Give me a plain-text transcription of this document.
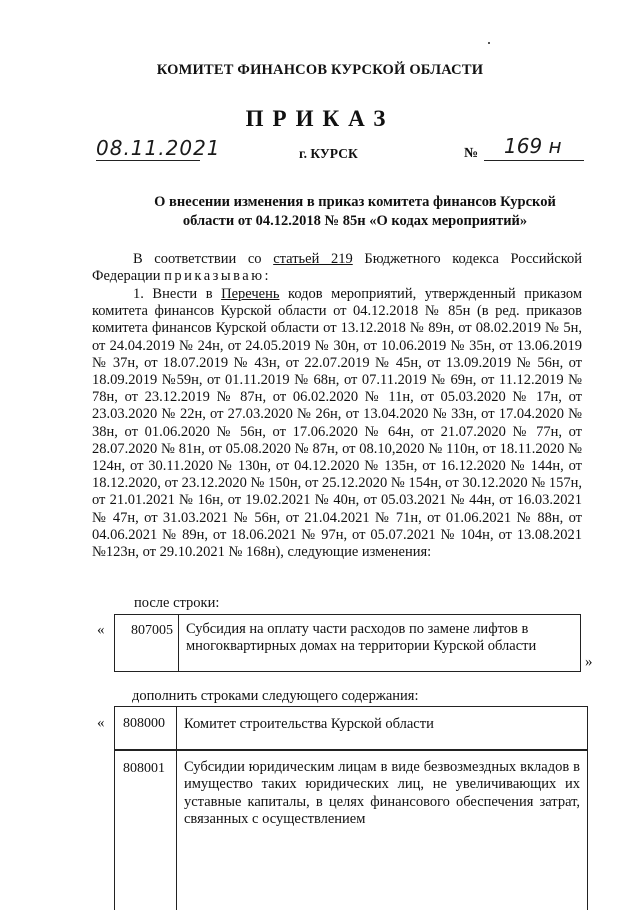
КОМИТЕТ ФИНАНСОВ КУРСКОЙ ОБЛАСТИ
ПРИКАЗ
08.11.2021	г. КУРСК	№ 169 н
О внесении изменения в приказ комитета финансов Курской
области от 04.12.2018 № 85н «О кодах мероприятий»

В соответствии со статьей 219 Бюджетного кодекса Российской Федерации приказываю:

1. Внести в Перечень кодов мероприятий, утвержденный приказом комитета финансов Курской области от 04.12.2018 № 85н (в ред. приказов комитета финансов Курской области от 13.12.2018 № 89н, от 08.02.2019 № 5н, от 24.04.2019 № 24н, от 24.05.2019 № 30н, от 10.06.2019 № 35н, от 13.06.2019 № 37н, от 18.07.2019 № 43н, от 22.07.2019 № 45н, от 13.09.2019 № 56н, от 18.09.2019 №59н, от 01.11.2019 № 68н, от 07.11.2019 № 69н, от 11.12.2019 № 78н, от 23.12.2019 № 87н, от 06.02.2020 № 11н, от 05.03.2020 № 17н, от 23.03.2020 № 22н, от 27.03.2020 № 26н, от 13.04.2020 № 33н, от 17.04.2020 № 38н, от 01.06.2020 № 56н, от 17.06.2020 № 64н, от 21.07.2020 № 77н, от 28.07.2020 № 81н, от 05.08.2020 № 87н, от 08.10,2020 № 110н, от 18.11.2020 № 124н, от 30.11.2020 № 130н, от 04.12.2020 № 135н, от 16.12.2020 № 144н, от 18.12.2020, от 23.12.2020 № 150н, от 25.12.2020 № 154н, от 30.12.2020 № 157н, от 21.01.2021 № 16н, от 19.02.2021 № 40н, от 05.03.2021 № 44н, от 16.03.2021 № 47н, от 31.03.2021 № 56н, от 21.04.2021 № 71н, от 01.06.2021 № 88н, от 04.06.2021 № 89н, от 18.06.2021 № 97н, от 05.07.2021 № 104н, от 13.08.2021 №123н, от 29.10.2021 № 168н), следующие изменения:

после строки:
« 807005 Субсидия на оплату части расходов по замене лифтов в многоквартирных домах на территории Курской области
»
дополнить строками следующего содержания:
« 808000 Комитет строительства Курской области
808001 Субсидии юридическим лицам в виде безвозмездных вкладов в имущество таких юридических лиц, не увеличивающих их уставные капиталы, в целях финансового обеспечения затрат, связанных с осуществлением
